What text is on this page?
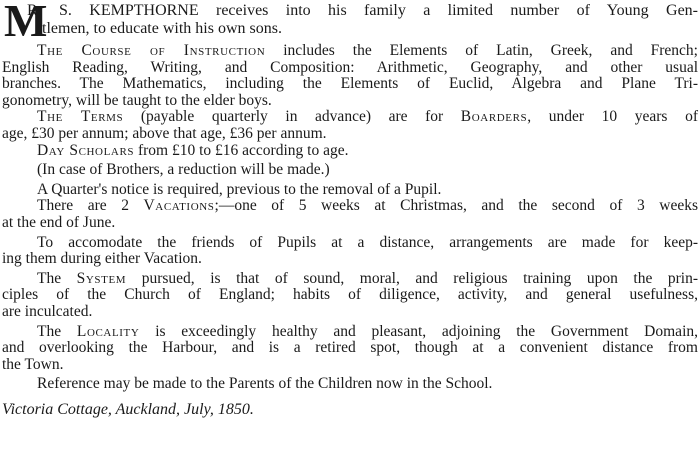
M
R. S. KEMPTHORNE receives into his family a limited number of Young Gen-
tlemen, to educate with his own sons.
The Course of Instruction includes the Elements of Latin, Greek, and French;
English Reading, Writing, and Composition: Arithmetic, Geography, and other usual
branches. The Mathematics, including the Elements of Euclid, Algebra and Plane Tri-
gonometry, will be taught to the elder boys.
The Terms (payable quarterly in advance) are for Boarders, under 10 years of
age, £30 per annum; above that age, £36 per annum.
Day Scholars from £10 to £16 according to age.
(In case of Brothers, a reduction will be made.)
A Quarter's notice is required, previous to the removal of a Pupil.
There are 2 Vacations;—one of 5 weeks at Christmas, and the second of 3 weeks
at the end of June.
To accomodate the friends of Pupils at a distance, arrangements are made for keep-
ing them during either Vacation.
The System pursued, is that of sound, moral, and religious training upon the prin-
ciples of the Church of England; habits of diligence, activity, and general usefulness,
are inculcated.
The Locality is exceedingly healthy and pleasant, adjoining the Government Domain,
and overlooking the Harbour, and is a retired spot, though at a convenient distance from
the Town.
Reference may be made to the Parents of the Children now in the School.
Victoria Cottage, Auckland, July, 1850.
